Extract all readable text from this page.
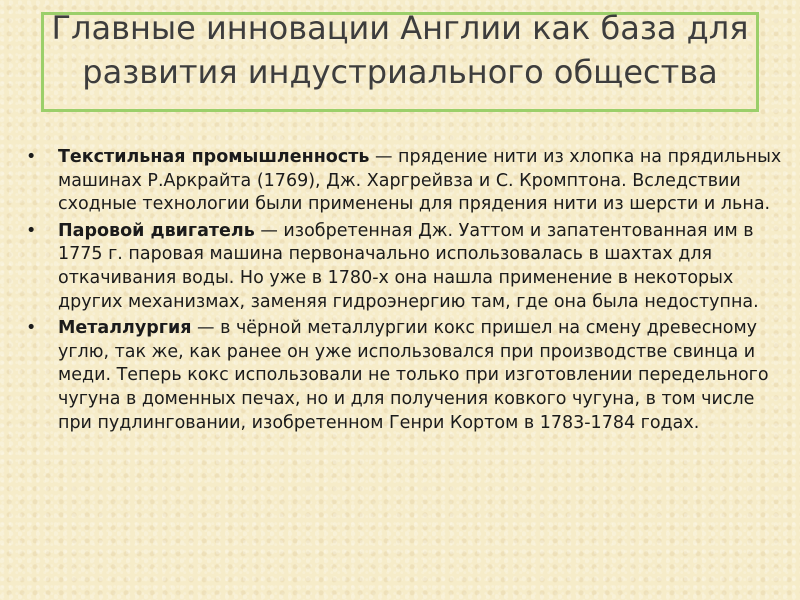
Главные инновации Англии как база для развития индустриального общества
• Текстильная промышленность — прядение нити из хлопка на прядильных машинах Р.Аркрайта (1769), Дж. Харгрейвза и С. Кромптона. Вследствии сходные технологии были применены для прядения нити из шерсти и льна.
• Паровой двигатель — изобретенная Дж. Уаттом и запатентованная им в 1775 г. паровая машина первоначально использовалась в шахтах для откачивания воды. Но уже в 1780-х она нашла применение в некоторых других механизмах, заменяя гидроэнергию там, где она была недоступна.
• Металлургия — в чёрной металлургии кокс пришел на смену древесному углю, так же, как ранее он уже использовался при производстве свинца и меди. Теперь кокс использовали не только при изготовлении передельного чугуна в доменных печах, но и для получения ковкого чугуна, в том числе при пудлинговании, изобретенном Генри Кортом в 1783-1784 годах.
